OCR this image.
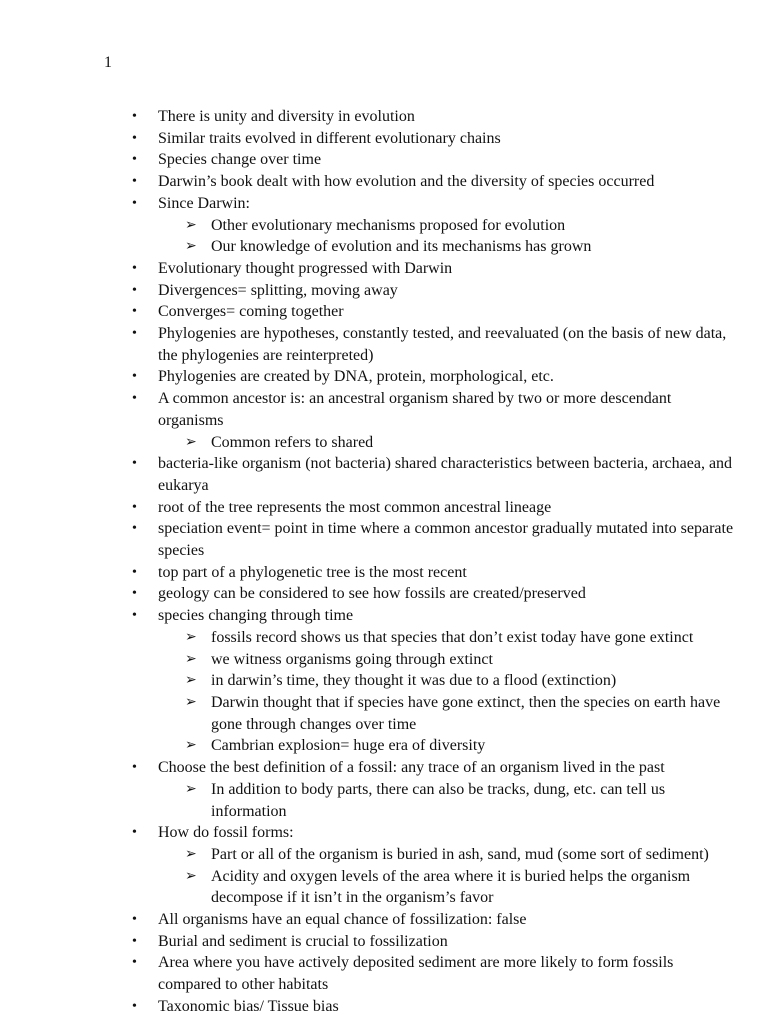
1
• There is unity and diversity in evolution
• Similar traits evolved in different evolutionary chains
• Species change over time
• Darwin’s book dealt with how evolution and the diversity of species occurred
• Since Darwin:
➢ Other evolutionary mechanisms proposed for evolution
➢ Our knowledge of evolution and its mechanisms has grown
• Evolutionary thought progressed with Darwin
• Divergences= splitting, moving away
• Converges= coming together
• Phylogenies are hypotheses, constantly tested, and reevaluated (on the basis of new data,
the phylogenies are reinterpreted)
• Phylogenies are created by DNA, protein, morphological, etc.
• A common ancestor is: an ancestral organism shared by two or more descendant
organisms
➢ Common refers to shared
• bacteria-like organism (not bacteria) shared characteristics between bacteria, archaea, and
eukarya
• root of the tree represents the most common ancestral lineage
• speciation event= point in time where a common ancestor gradually mutated into separate
species
• top part of a phylogenetic tree is the most recent
• geology can be considered to see how fossils are created/preserved
• species changing through time
➢ fossils record shows us that species that don’t exist today have gone extinct
➢ we witness organisms going through extinct
➢ in darwin’s time, they thought it was due to a flood (extinction)
➢ Darwin thought that if species have gone extinct, then the species on earth have
gone through changes over time
➢ Cambrian explosion= huge era of diversity
• Choose the best definition of a fossil: any trace of an organism lived in the past
➢ In addition to body parts, there can also be tracks, dung, etc. can tell us
information
• How do fossil forms:
➢ Part or all of the organism is buried in ash, sand, mud (some sort of sediment)
➢ Acidity and oxygen levels of the area where it is buried helps the organism
decompose if it isn’t in the organism’s favor
• All organisms have an equal chance of fossilization: false
• Burial and sediment is crucial to fossilization
• Area where you have actively deposited sediment are more likely to form fossils
compared to other habitats
• Taxonomic bias/ Tissue bias
